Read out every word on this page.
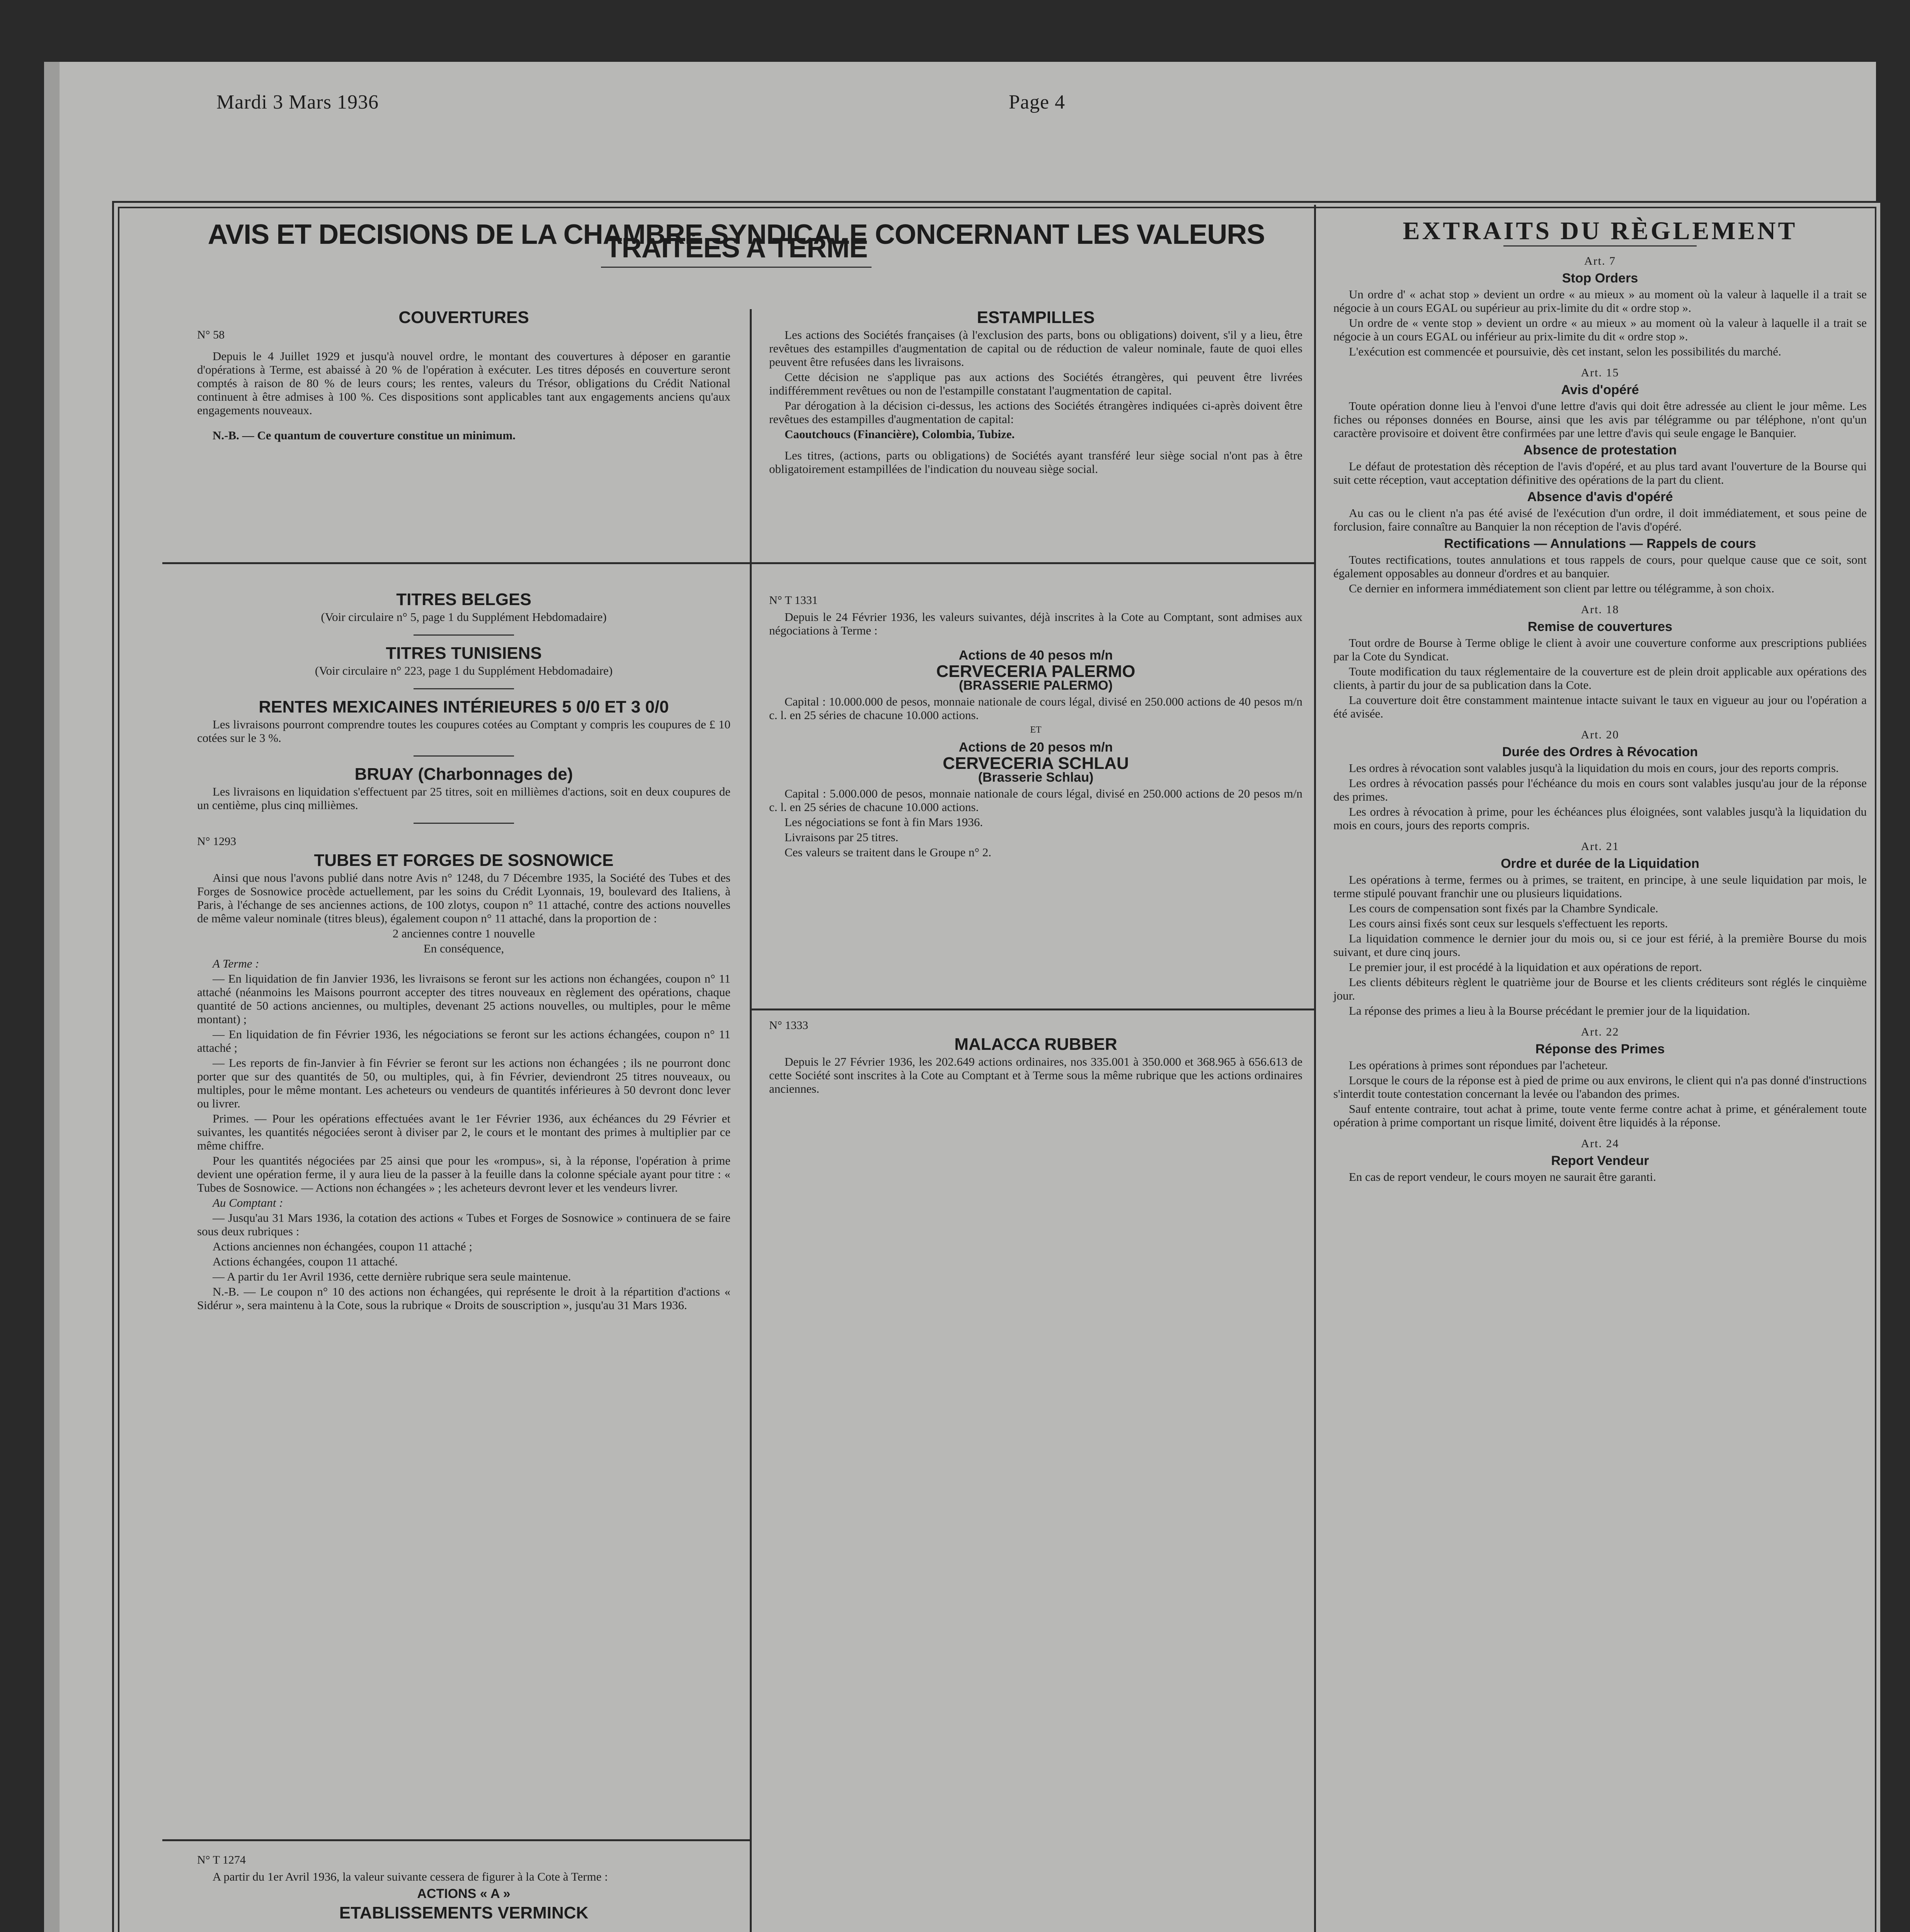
Mardi 3 Mars 1936	Page 4
AVIS ET DECISIONS DE LA CHAMBRE SYNDICALE CONCERNANT LES VALEURS TRAITÉES A TERME
COUVERTURES
N° 58

Depuis le 4 Juillet 1929 et jusqu'à nouvel ordre, le montant des couvertures à déposer en garantie d'opérations à Terme, est abaissé à 20 % de l'opération à exécuter. Les titres déposés en couverture seront comptés à raison de 80 % de leurs cours; les rentes, valeurs du Trésor, obligations du Crédit National continuent à être admises à 100 %. Ces dispositions sont applicables tant aux engagements anciens qu'aux engagements nouveaux.

N.-B. — Ce quantum de couverture constitue un minimum.

ESTAMPILLES

Les actions des Sociétés françaises (à l'exclusion des parts, bons ou obligations) doivent, s'il y a lieu, être revêtues des estampilles d'augmentation de capital ou de réduction de valeur nominale, faute de quoi elles peuvent être refusées dans les livraisons.

Cette décision ne s'applique pas aux actions des Sociétés étrangères, qui peuvent être livrées indifféremment revêtues ou non de l'estampille constatant l'augmentation de capital.

Par dérogation à la décision ci-dessus, les actions des Sociétés étrangères indiquées ci-après doivent être revêtues des estampilles d'augmentation de capital:

Caoutchoucs (Financière), Colombia, Tubize.

Les titres, (actions, parts ou obligations) de Sociétés ayant transféré leur siège social n'ont pas à être obligatoirement estampillées de l'indication du nouveau siège social.

TITRES BELGES

(Voir circulaire n° 5, page 1 du Supplément Hebdomadaire)

TITRES TUNISIENS

(Voir circulaire n° 223, page 1 du Supplément Hebdomadaire)

RENTES MEXICAINES INTÉRIEURES 5 0/0 ET 3 0/0

Les livraisons pourront comprendre toutes les coupures cotées au Comptant y compris les coupures de £ 10 cotées sur le 3 %.

BRUAY (Charbonnages de)

Les livraisons en liquidation s'effectuent par 25 titres, soit en millièmes d'actions, soit en deux coupures de un centième, plus cinq millièmes.

N° 1293
TUBES ET FORGES DE SOSNOWICE

Ainsi que nous l'avons publié dans notre Avis n° 1248, du 7 Décembre 1935, la Société des Tubes et des Forges de Sosnowice procède actuellement, par les soins du Crédit Lyonnais, 19, boulevard des Italiens, à Paris, à l'échange de ses anciennes actions, de 100 zlotys, coupon n° 11 attaché, contre des actions nouvelles de même valeur nominale (titres bleus), également coupon n° 11 attaché, dans la proportion de :

2 anciennes contre 1 nouvelle

En conséquence,

A Terme :

— En liquidation de fin Janvier 1936, les livraisons se feront sur les actions non échangées, coupon n° 11 attaché (néanmoins les Maisons pourront accepter des titres nouveaux en règlement des opérations, chaque quantité de 50 actions anciennes, ou multiples, devenant 25 actions nouvelles, ou multiples, pour le même montant) ;

— En liquidation de fin Février 1936, les négociations se feront sur les actions échangées, coupon n° 11 attaché ;

— Les reports de fin-Janvier à fin Février se feront sur les actions non échangées ; ils ne pourront donc porter que sur des quantités de 50, ou multiples, qui, à fin Février, deviendront 25 titres nouveaux, ou multiples, pour le même montant. Les acheteurs ou vendeurs de quantités inférieures à 50 devront donc lever ou livrer.

Primes. — Pour les opérations effectuées avant le 1er Février 1936, aux échéances du 29 Février et suivantes, les quantités négociées seront à diviser par 2, le cours et le montant des primes à multiplier par ce même chiffre.

Pour les quantités négociées par 25 ainsi que pour les «rompus», si, à la réponse, l'opération à prime devient une opération ferme, il y aura lieu de la passer à la feuille dans la colonne spéciale ayant pour titre : « Tubes de Sosnowice. — Actions non échangées » ; les acheteurs devront lever et les vendeurs livrer.

Au Comptant :

— Jusqu'au 31 Mars 1936, la cotation des actions « Tubes et Forges de Sosnowice » continuera de se faire sous deux rubriques :

Actions anciennes non échangées, coupon 11 attaché ;

Actions échangées, coupon 11 attaché.

— A partir du 1er Avril 1936, cette dernière rubrique sera seule maintenue.

N.-B. — Le coupon n° 10 des actions non échangées, qui représente le droit à la répartition d'actions « Sidérur », sera maintenu à la Cote, sous la rubrique « Droits de souscription », jusqu'au 31 Mars 1936.

N° T 1274

A partir du 1er Avril 1936, la valeur suivante cessera de figurer à la Cote à Terme :

ACTIONS « A »
ETABLISSEMENTS VERMINCK

N° T 1331

Depuis le 24 Février 1936, les valeurs suivantes, déjà inscrites à la Cote au Comptant, sont admises aux négociations à Terme :

Actions de 40 pesos m/n
CERVECERIA PALERMO
(BRASSERIE PALERMO)

Capital : 10.000.000 de pesos, monnaie nationale de cours légal, divisé en 250.000 actions de 40 pesos m/n c. l. en 25 séries de chacune 10.000 actions.

ET

Actions de 20 pesos m/n
CERVECERIA SCHLAU
(Brasserie Schlau)

Capital : 5.000.000 de pesos, monnaie nationale de cours légal, divisé en 250.000 actions de 20 pesos m/n c. l. en 25 séries de chacune 10.000 actions.

Les négociations se font à fin Mars 1936.

Livraisons par 25 titres.

Ces valeurs se traitent dans le Groupe n° 2.

N° 1333
MALACCA RUBBER

Depuis le 27 Février 1936, les 202.649 actions ordinaires, nos 335.001 à 350.000 et 368.965 à 656.613 de cette Société sont inscrites à la Cote au Comptant et à Terme sous la même rubrique que les actions ordinaires anciennes.

EXTRAITS DU RÈGLEMENT
Art. 7
Stop Orders

Un ordre d' « achat stop » devient un ordre « au mieux » au moment où la valeur à laquelle il a trait se négocie à un cours EGAL ou supérieur au prix-limite du dit « ordre stop ».

Un ordre de « vente stop » devient un ordre « au mieux » au moment où la valeur à laquelle il a trait se négocie à un cours EGAL ou inférieur au prix-limite du dit « ordre stop ».

L'exécution est commencée et poursuivie, dès cet instant, selon les possibilités du marché.

Art. 15
Avis d'opéré

Toute opération donne lieu à l'envoi d'une lettre d'avis qui doit être adressée au client le jour même. Les fiches ou réponses données en Bourse, ainsi que les avis par télégramme ou par téléphone, n'ont qu'un caractère provisoire et doivent être confirmées par une lettre d'avis qui seule engage le Banquier.

Absence de protestation

Le défaut de protestation dès réception de l'avis d'opéré, et au plus tard avant l'ouverture de la Bourse qui suit cette réception, vaut acceptation définitive des opérations de la part du client.

Absence d'avis d'opéré

Au cas ou le client n'a pas été avisé de l'exécution d'un ordre, il doit immédiatement, et sous peine de forclusion, faire connaître au Banquier la non réception de l'avis d'opéré.

Rectifications — Annulations — Rappels de cours

Toutes rectifications, toutes annulations et tous rappels de cours, pour quelque cause que ce soit, sont également opposables au donneur d'ordres et au banquier.

Ce dernier en informera immédiatement son client par lettre ou télégramme, à son choix.

Art. 18
Remise de couvertures

Tout ordre de Bourse à Terme oblige le client à avoir une couverture conforme aux prescriptions publiées par la Cote du Syndicat.

Toute modification du taux réglementaire de la couverture est de plein droit applicable aux opérations des clients, à partir du jour de sa publication dans la Cote.

La couverture doit être constamment maintenue intacte suivant le taux en vigueur au jour ou l'opération a été avisée.

Art. 20
Durée des Ordres à Révocation

Les ordres à révocation sont valables jusqu'à la liquidation du mois en cours, jour des reports compris.

Les ordres à révocation passés pour l'échéance du mois en cours sont valables jusqu'au jour de la réponse des primes.

Les ordres à révocation à prime, pour les échéances plus éloignées, sont valables jusqu'à la liquidation du mois en cours, jours des reports compris.

Art. 21
Ordre et durée de la Liquidation

Les opérations à terme, fermes ou à primes, se traitent, en principe, à une seule liquidation par mois, le terme stipulé pouvant franchir une ou plusieurs liquidations.

Les cours de compensation sont fixés par la Chambre Syndicale.

Les cours ainsi fixés sont ceux sur lesquels s'effectuent les reports.

La liquidation commence le dernier jour du mois ou, si ce jour est férié, à la première Bourse du mois suivant, et dure cinq jours.

Le premier jour, il est procédé à la liquidation et aux opérations de report.

Les clients débiteurs règlent le quatrième jour de Bourse et les clients créditeurs sont réglés le cinquième jour.

La réponse des primes a lieu à la Bourse précédant le premier jour de la liquidation.

Art. 22
Réponse des Primes

Les opérations à primes sont répondues par l'acheteur.

Lorsque le cours de la réponse est à pied de prime ou aux environs, le client qui n'a pas donné d'instructions s'interdit toute contestation concernant la levée ou l'abandon des primes.

Sauf entente contraire, tout achat à prime, toute vente ferme contre achat à prime, et généralement toute opération à prime comportant un risque limité, doivent être liquidés à la réponse.

Art. 24
Report Vendeur

En cas de report vendeur, le cours moyen ne saurait être garanti.
